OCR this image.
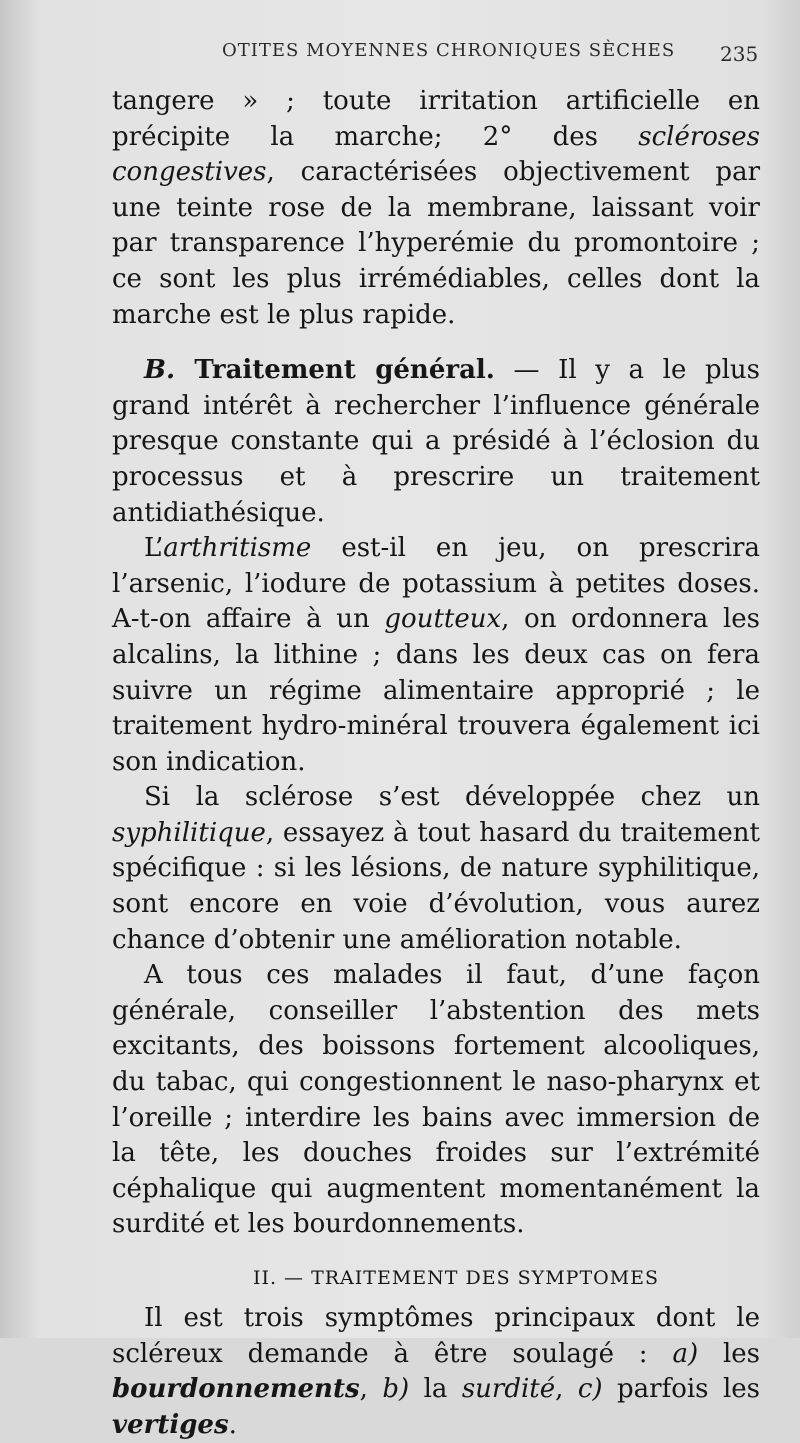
OTITES MOYENNES CHRONIQUES SÈCHES 235

tangere » ; toute irritation artificielle en précipite la marche; 2° des scléroses congestives, caractérisées objectivement par une teinte rose de la membrane, laissant voir par transparence l’hyperémie du promontoire ; ce sont les plus irrémédiables, celles dont la marche est le plus rapide.

B. Traitement général. — Il y a le plus grand intérêt à rechercher l’influence générale presque constante qui a présidé à l’éclosion du processus et à prescrire un traitement antidiathésique.

L’arthritisme est-il en jeu, on prescrira l’arsenic, l’iodure de potassium à petites doses. A-t-on affaire à un goutteux, on ordonnera les alcalins, la lithine ; dans les deux cas on fera suivre un régime alimentaire approprié ; le traitement hydro-minéral trouvera également ici son indication.

Si la sclérose s’est développée chez un syphilitique, essayez à tout hasard du traitement spécifique : si les lésions, de nature syphilitique, sont encore en voie d’évolution, vous aurez chance d’obtenir une amélioration notable.

A tous ces malades il faut, d’une façon générale, conseiller l’abstention des mets excitants, des boissons fortement alcooliques, du tabac, qui congestionnent le naso-pharynx et l’oreille ; interdire les bains avec immersion de la tête, les douches froides sur l’extrémité céphalique qui augmentent momentanément la surdité et les bourdonnements.

II. — TRAITEMENT DES SYMPTOMES

Il est trois symptômes principaux dont le scléreux demande à être soulagé : a) les bourdonnements, b) la surdité, c) parfois les vertiges.
